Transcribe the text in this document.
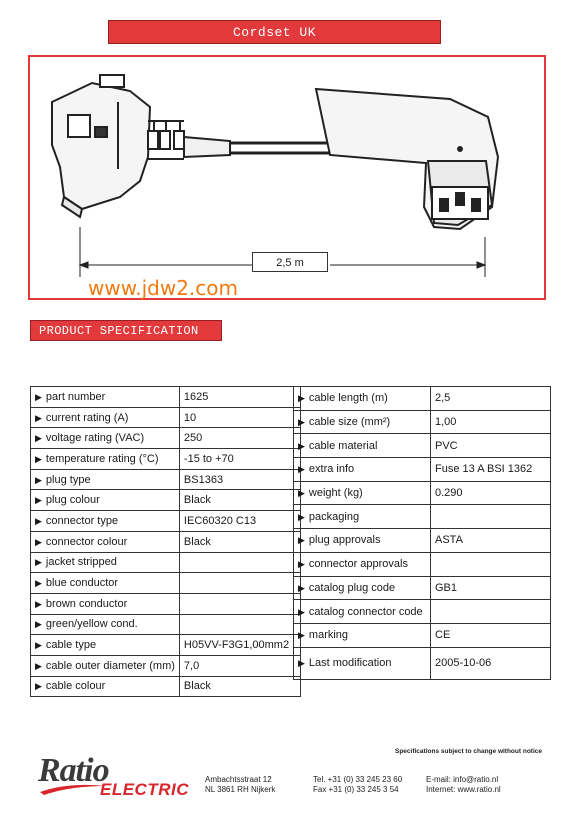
Cordset UK
2,5 m
www.jdw2.com
PRODUCT SPECIFICATION
▶ part number	1625
▶ current rating (A)	10
▶ voltage rating (VAC)	250
▶ temperature rating (°C)	-15 to +70
▶ plug type	BS1363
▶ plug colour	Black
▶ connector type	IEC60320 C13
▶ connector colour	Black
▶ jacket stripped	
▶ blue conductor	
▶ brown conductor	
▶ green/yellow cond.	
▶ cable type	H05VV-F3G1,00mm2
▶ cable outer diameter (mm)	7,0
▶ cable colour	Black
▶ cable length (m)	2,5
▶ cable size (mm²)	1,00
▶ cable material	PVC
▶ extra info	Fuse 13 A BSI 1362
▶ weight (kg)	0.290
▶ packaging	
▶ plug approvals	ASTA
▶ connector approvals	
▶ catalog plug code	GB1
▶ catalog connector code	
▶ marking	CE
▶ Last modification	2005-10-06
Specifications subject to change without notice
Ratio
ELECTRIC
Ambachtsstraat 12
NL 3861 RH Nijkerk
Tel. +31 (0) 33 245 23 60
Fax +31 (0) 33 245 3 54
E-mail: info@ratio.nl
Internet: www.ratio.nl
